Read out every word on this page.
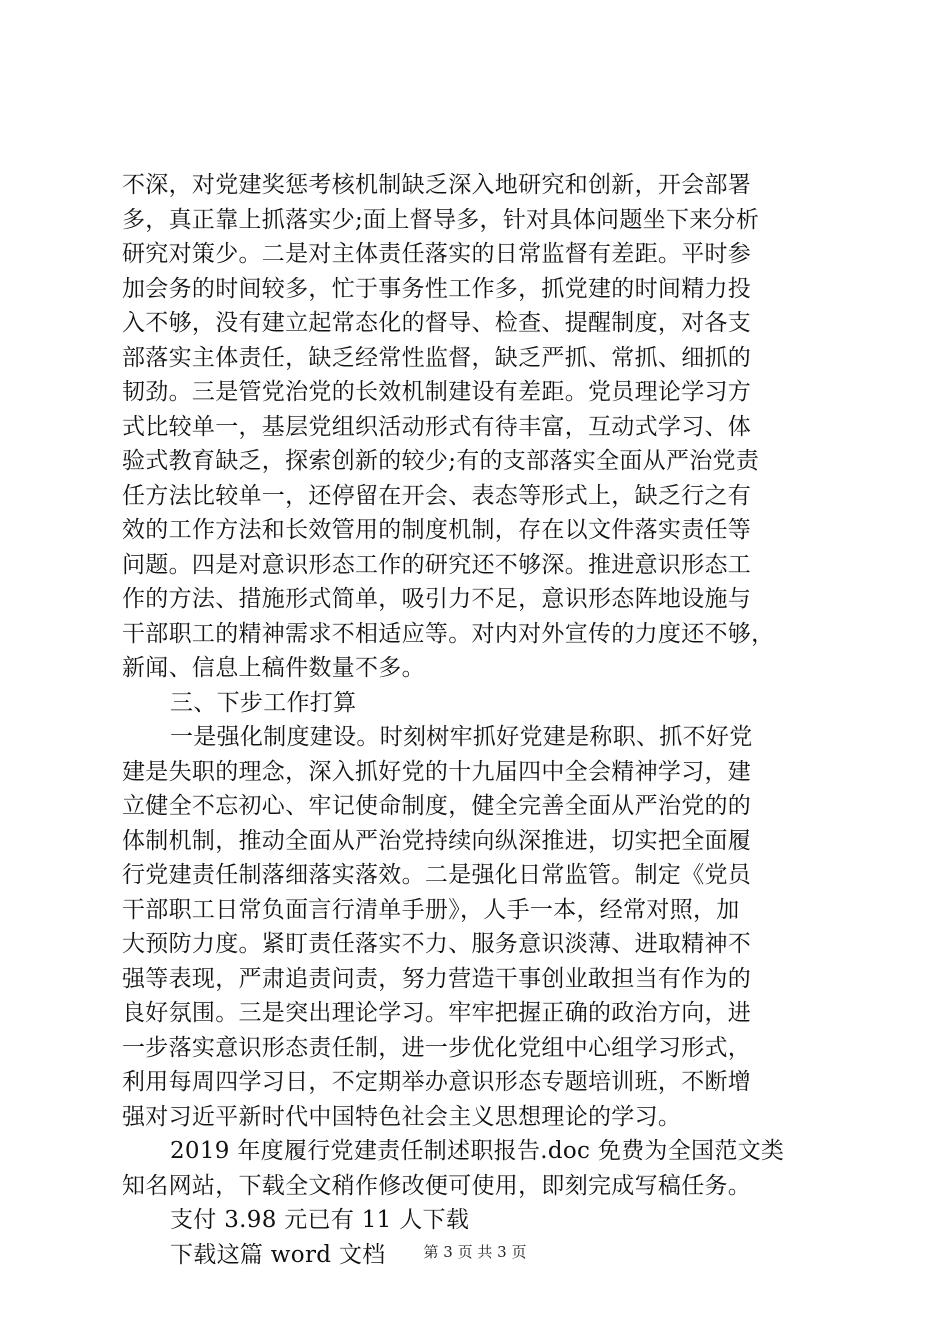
不深，对党建奖惩考核机制缺乏深入地研究和创新，开会部署
多，真正靠上抓落实少;面上督导多，针对具体问题坐下来分析
研究对策少。二是对主体责任落实的日常监督有差距。平时参
加会务的时间较多，忙于事务性工作多，抓党建的时间精力投
入不够，没有建立起常态化的督导、检查、提醒制度，对各支
部落实主体责任，缺乏经常性监督，缺乏严抓、常抓、细抓的
韧劲。三是管党治党的长效机制建设有差距。党员理论学习方
式比较单一，基层党组织活动形式有待丰富，互动式学习、体
验式教育缺乏，探索创新的较少;有的支部落实全面从严治党责
任方法比较单一，还停留在开会、表态等形式上，缺乏行之有
效的工作方法和长效管用的制度机制，存在以文件落实责任等
问题。四是对意识形态工作的研究还不够深。推进意识形态工
作的方法、措施形式简单，吸引力不足，意识形态阵地设施与
干部职工的精神需求不相适应等。对内对外宣传的力度还不够，
新闻、信息上稿件数量不多。
三、下步工作打算
一是强化制度建设。时刻树牢抓好党建是称职、抓不好党
建是失职的理念，深入抓好党的十九届四中全会精神学习，建
立健全不忘初心、牢记使命制度，健全完善全面从严治党的的
体制机制，推动全面从严治党持续向纵深推进，切实把全面履
行党建责任制落细落实落效。二是强化日常监管。制定《党员
干部职工日常负面言行清单手册》，人手一本，经常对照，加
大预防力度。紧盯责任落实不力、服务意识淡薄、进取精神不
强等表现，严肃追责问责，努力营造干事创业敢担当有作为的
良好氛围。三是突出理论学习。牢牢把握正确的政治方向，进
一步落实意识形态责任制，进一步优化党组中心组学习形式，
利用每周四学习日，不定期举办意识形态专题培训班，不断增
强对习近平新时代中国特色社会主义思想理论的学习。
2019 年度履行党建责任制述职报告.doc 免费为全国范文类
知名网站，下载全文稍作修改便可使用，即刻完成写稿任务。
支付 3.98 元已有 11 人下载
下载这篇 word 文档	第 3 页 共 3 页
